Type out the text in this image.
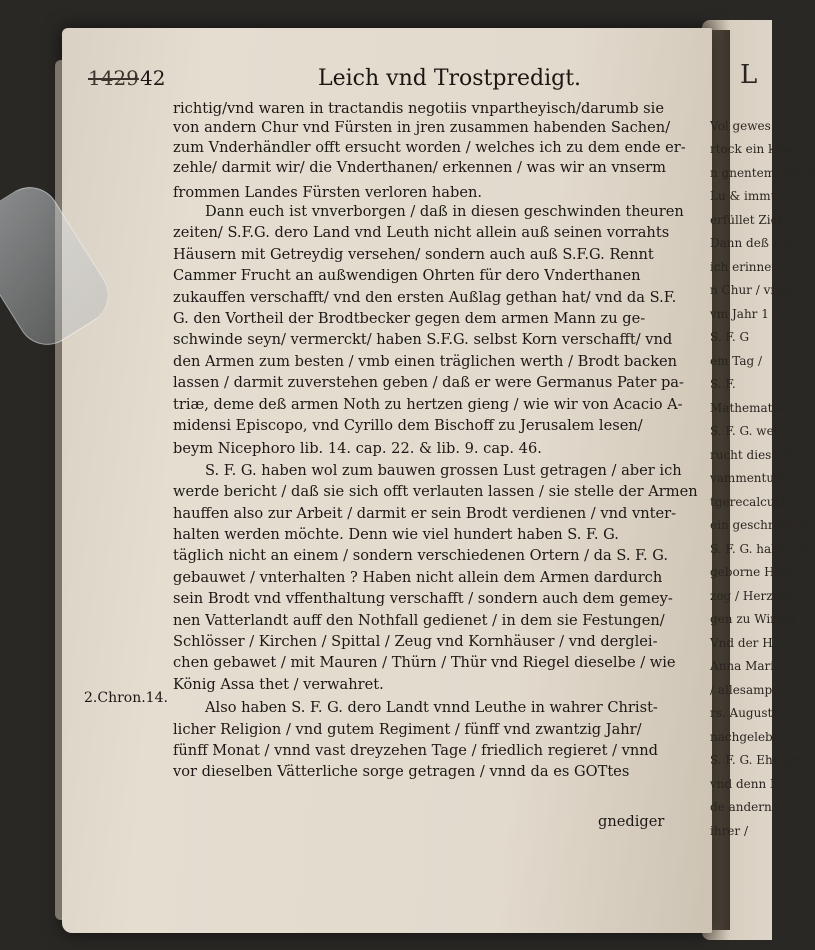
1429 42	Leich vnd Trostpredigt.
richtig/vnd waren in tractandis negotiis vnpartheyisch/darumb sie
von andern Chur vnd Fürsten in jren zusammen habenden Sachen/
zum Vnderhändler offt ersucht worden / welches ich zu dem ende er-
zehle/ darmit wir/ die Vnderthanen/ erkennen / was wir an vnserm
frommen Landes Fürsten verloren haben.
Dann euch ist vnverborgen / daß in diesen geschwinden theuren
zeiten/ S.F.G. dero Land vnd Leuth nicht allein auß seinen vorrahts
Häusern mit Getreydig versehen/ sondern auch auß S.F.G. Rennt
Cammer Frucht an außwendigen Ohrten für dero Vnderthanen
zukauffen verschafft/ vnd den ersten Außlag gethan hat/ vnd da S.F.
G. den Vortheil der Brodtbecker gegen dem armen Mann zu ge-
schwinde seyn/ vermerckt/ haben S.F.G. selbst Korn verschafft/ vnd
den Armen zum besten / vmb einen träglichen werth / Brodt backen
lassen / darmit zuverstehen geben / daß er were Germanus Pater pa-
triæ, deme deß armen Noth zu hertzen gieng / wie wir von Acacio A-
midensi Episcopo, vnd Cyrillo dem Bischoff zu Jerusalem lesen/
beym Nicephoro lib. 14. cap. 22. & lib. 9. cap. 46.
S. F. G. haben wol zum bauwen grossen Lust getragen / aber ich
werde bericht / daß sie sich offt verlauten lassen / sie stelle der Armen
hauffen also zur Arbeit / darmit er sein Brodt verdienen / vnd vnter-
halten werden möchte. Denn wie viel hundert haben S. F. G.
täglich nicht an einem / sondern verschiedenen Ortern / da S. F. G.
gebauwet / vnterhalten ? Haben nicht allein dem Armen dardurch
sein Brodt vnd vffenthaltung verschafft / sondern auch dem gemey-
nen Vatterlandt auff den Nothfall gedienet / in dem sie Festungen/
Schlösser / Kirchen / Spittal / Zeug vnd Kornhäuser / vnd derglei-
chen gebawet / mit Mauren / Thürn / Thür vnd Riegel dieselbe / wie
König Assa thet / verwahret.
Also haben S. F. G. dero Landt vnnd Leuthe in wahrer Christ-
licher Religion / vnd gutem Regiment / fünff vnd zwantzig Jahr/
fünff Monat / vnnd vast dreyzehen Tage / friedlich regieret / vnnd
vor dieselben Vätterliche sorge getragen / vnnd da es GOTtes
2.Chron.14.
gnediger
L
Vol gewes
rtock ein klag
n gnentem gewal
Lu & immu
erfüllet Ziel
Dann deß Für
ich erinnert / D
n Chur / vnnd F
vm Jahr 1 5
S. F. G
em Tag /
S. F.
Mathematisch
S. F. G. welche
rucht diese Nat
vammentum oms
tgerecalculatio
ein geschrieben
S. F. G. haben de
geborne Herz
zog / Herzogs
gen zu Wirten
Vnd der H
Anna Mari
/ allesampt
rs. Augusti,
nachgelebt
S. F. G. Ehegem
vnd denn Für
de andern v
ihrer /
